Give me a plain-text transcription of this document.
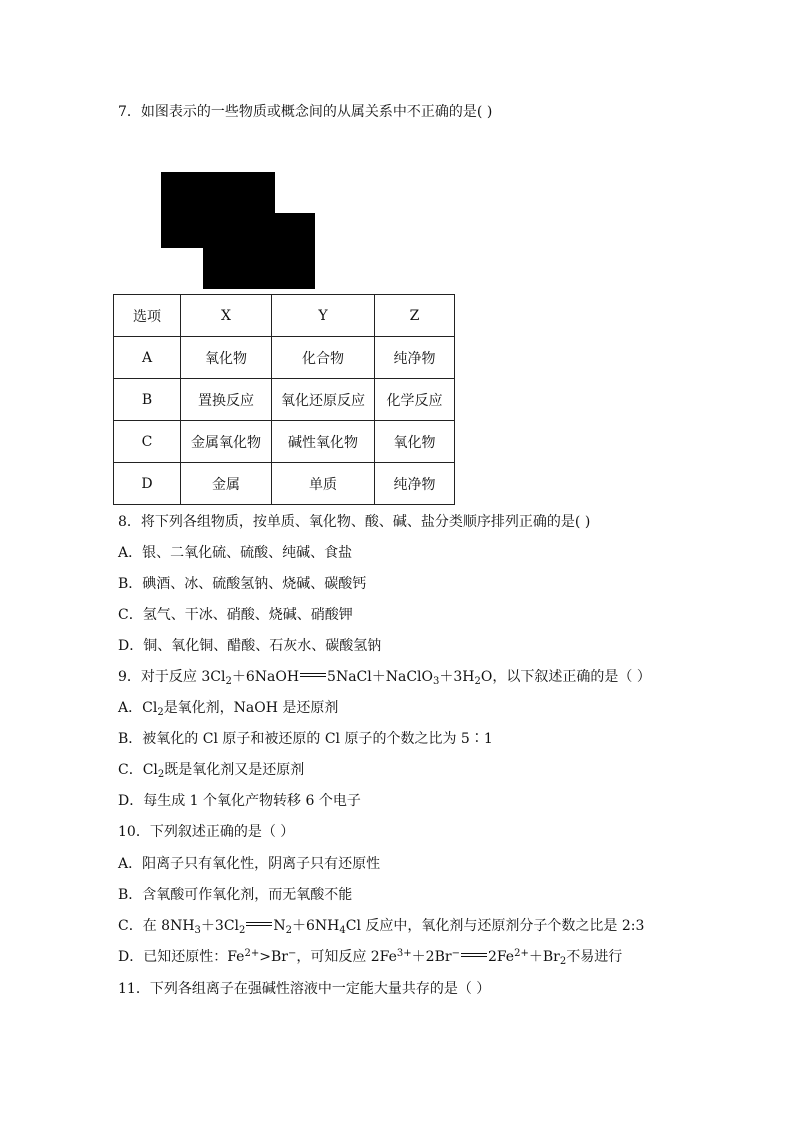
7．如图表示的一些物质或概念间的从属关系中不正确的是( )
选项	X	Y	Z
A	氧化物	化合物	纯净物
B	置换反应	氧化还原反应	化学反应
C	金属氧化物	碱性氧化物	氧化物
D	金属	单质	纯净物
8．将下列各组物质，按单质、氧化物、酸、碱、盐分类顺序排列正确的是( )
A．银、二氧化硫、硫酸、纯碱、食盐
B．碘酒、冰、硫酸氢钠、烧碱、碳酸钙
C．氢气、干冰、硝酸、烧碱、硝酸钾
D．铜、氧化铜、醋酸、石灰水、碳酸氢钠
9．对于反应 $3Cl_2+6NaOH$ $5NaCl+NaClO_3+3H_2O$，以下叙述正确的是（ ）
A．$Cl_2$是氧化剂，NaOH 是还原剂
B．被氧化的 Cl 原子和被还原的 Cl 原子的个数之比为 5∶1
C．$Cl_2$既是氧化剂又是还原剂
D．每生成 1 个氧化产物转移 6 个电子
10．下列叙述正确的是（ ）
A．阳离子只有氧化性，阴离子只有还原性
B．含氧酸可作氧化剂，而无氧酸不能
C．在 $8NH_3+3Cl_2$ $N_2+6NH_4Cl$ 反应中，氧化剂与还原剂分子个数之比是 2:3
D．已知还原性：$Fe^{2+}>Br^-$，可知反应 $2Fe^{3+}+2Br^-$ $2Fe^{2+}+Br_2$不易进行
11．下列各组离子在强碱性溶液中一定能大量共存的是（ ）
